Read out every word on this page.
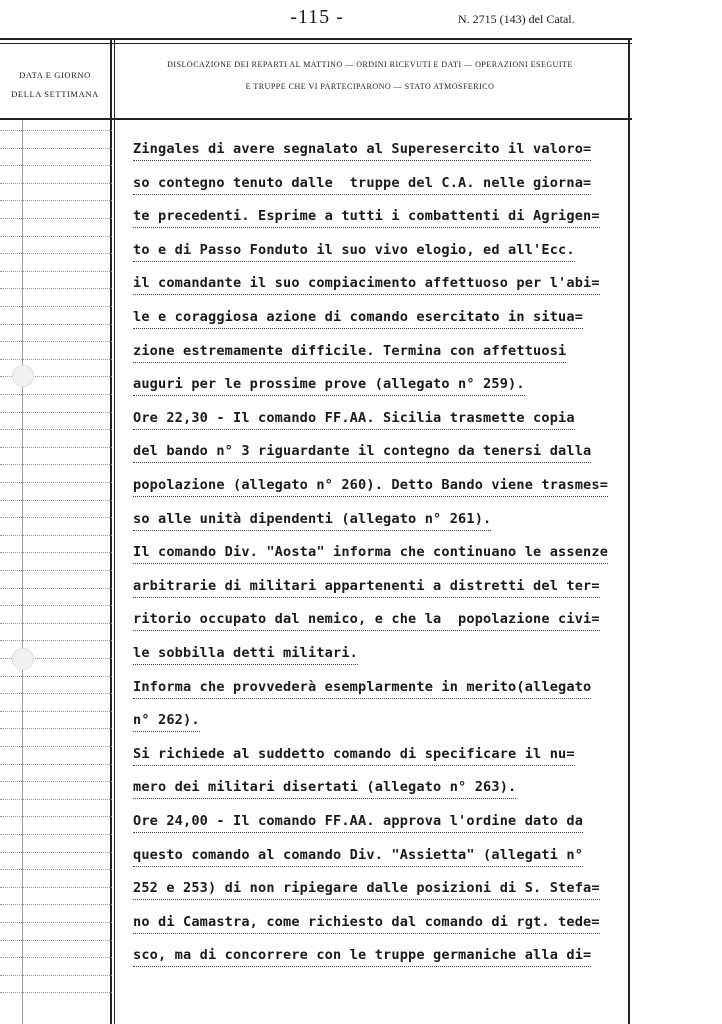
-115 -	N. 2715 (143) del Catal.
DATA E GIORNO
DELLA SETTIMANA
DISLOCAZIONE DEI REPARTI AL MATTINO — ORDINI RICEVUTI E DATI — OPERAZIONI ESEGUITE
E TRUPPE CHE VI PARTECIPARONO — STATO ATMOSFERICO
Zingales di avere segnalato al Superesercito il valoro=
so contegno tenuto dalle  truppe del C.A. nelle giorna=
te precedenti. Esprime a tutti i combattenti di Agrigen=
to e di Passo Fonduto il suo vivo elogio, ed all'Ecc.
il comandante il suo compiacimento affettuoso per l'abi=
le e coraggiosa azione di comando esercitato in situa=
zione estremamente difficile. Termina con affettuosi
auguri per le prossime prove (allegato n° 259).
Ore 22,30 - Il comando FF.AA. Sicilia trasmette copia
del bando n° 3 riguardante il contegno da tenersi dalla
popolazione (allegato n° 260). Detto Bando viene trasmes=
so alle unità dipendenti (allegato n° 261).
Il comando Div. "Aosta" informa che continuano le assenze
arbitrarie di militari appartenenti a distretti del ter=
ritorio occupato dal nemico, e che la  popolazione civi=
le sobbilla detti militari.
Informa che provvederà esemplarmente in merito(allegato
n° 262).
Si richiede al suddetto comando di specificare il nu=
mero dei militari disertati (allegato n° 263).
Ore 24,00 - Il comando FF.AA. approva l'ordine dato da
questo comando al comando Div. "Assietta" (allegati n°
252 e 253) di non ripiegare dalle posizioni di S. Stefa=
no di Camastra, come richiesto dal comando di rgt. tede=
sco, ma di concorrere con le truppe germaniche alla di=
